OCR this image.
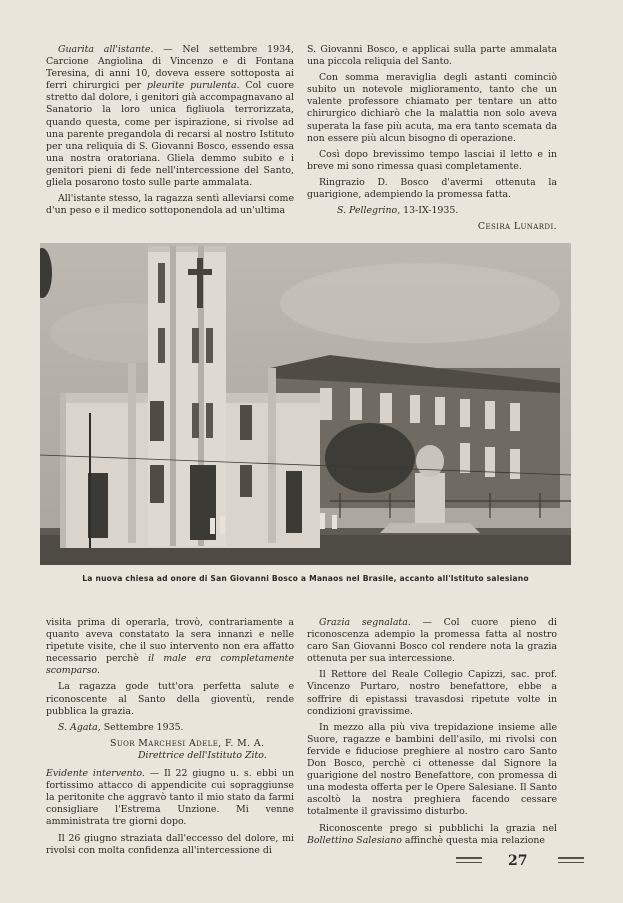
Guarita all'istante. — Nel settembre 1934, Carcione Angiolina di Vincenzo e di Fontana Teresina, di anni 10, doveva essere sottoposta ai ferri chirurgici per pleurite purulenta. Col cuore stretto dal dolore, i genitori già accompagnavano al Sanatorio la loro unica figliuola terrorizzata, quando questa, come per ispirazione, si rivolse ad una parente pregandola di recarsi al nostro Istituto per una reliquia di S. Giovanni Bosco, essendo essa una nostra oratoriana. Gliela demmo subito e i genitori pieni di fede nell'intercessione del Santo, gliela posarono tosto sulle parte ammalata.

All'istante stesso, la ragazza sentì alleviarsi come d'un peso e il medico sottoponendola ad un'ultima

S. Giovanni Bosco, e applicai sulla parte ammalata una piccola reliquia del Santo.

Con somma meraviglia degli astanti cominciò subito un notevole miglioramento, tanto che un valente professore chiamato per tentare un atto chirurgico dichiarò che la malattia non solo aveva superata la fase più acuta, ma era tanto scemata da non essere più alcun bisogno di operazione.

Così dopo brevissimo tempo lasciai il letto e in breve mi sono rimessa quasi completamente.

Ringrazio D. Bosco d'avermi ottenuta la guarigione, adempiendo la promessa fatta.

S. Pellegrino, 13-IX-1935.

Cesira Lunardi.

La nuova chiesa ad onore di San Giovanni Bosco a Manaos nel Brasile, accanto all'Istituto salesiano

visita prima di operarla, trovò, contrariamente a quanto aveva constatato la sera innanzi e nelle ripetute visite, che il suo intervento non era affatto necessario perchè il male era completamente scomparso.

La ragazza gode tutt'ora perfetta salute e riconoscente al Santo della gioventù, rende pubblica la grazia.

S. Agata, Settembre 1935.

Suor Marchesi Adele, F. M. A.

Direttrice dell'Istituto Zito.

Evidente intervento. — Il 22 giugno u. s. ebbi un fortissimo attacco di appendicite cui sopraggiunse la peritonite che aggravò tanto il mio stato da farmi consigliare l'Estrema Unzione. Mi venne amministrata tre giorni dopo.

Il 26 giugno straziata dall'eccesso del dolore, mi rivolsi con molta confidenza all'intercessione di

Grazia segnalata. — Col cuore pieno di riconoscenza adempio la promessa fatta al nostro caro San Giovanni Bosco col rendere nota la grazia ottenuta per sua intercessione.

Il Rettore del Reale Collegio Capizzi, sac. prof. Vincenzo Purtaro, nostro benefattore, ebbe a soffrire di epistassi travasdosi ripetute volte in condizioni gravissime.

In mezzo alla più viva trepidazione insieme alle Suore, ragazze e bambini dell'asilo, mi rivolsi con fervide e fiduciose preghiere al nostro caro Santo Don Bosco, perchè ci ottenesse dal Signore la guarigione del nostro Benefattore, con promessa di una modesta offerta per le Opere Salesiane. Il Santo ascoltò la nostra preghiera facendo cessare totalmente il gravissimo disturbo.

Riconoscente prego si pubblichi la grazia nel Bollettino Salesiano affinchè questa mia relazione

27
